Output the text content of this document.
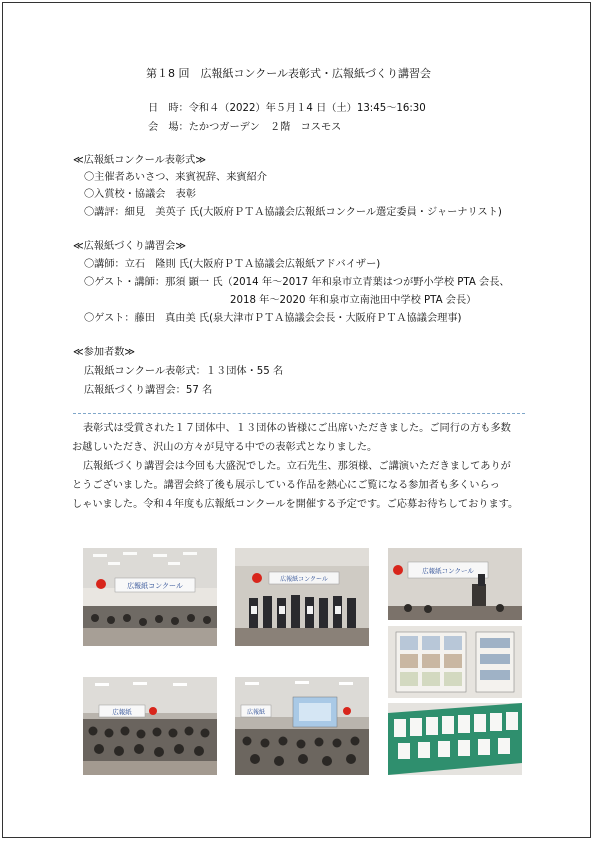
第１8 回　広報紙コンクール表彰式・広報紙づくり講習会
日　時：令和４（2022）年５月１4 日（土）13:45～16:30
会　場：たかつガーデン　２階　コスモス
≪広報紙コンクール表彰式≫
〇主催者あいさつ、来賓祝辞、来賓紹介
〇入賞校・協議会　表彰
〇講評：細見　美英子 氏(大阪府ＰＴＡ協議会広報紙コンクール選定委員・ジャーナリスト)
≪広報紙づくり講習会≫
〇講師：立石　隆則 氏(大阪府ＰＴＡ協議会広報紙アドバイザー)
〇ゲスト・講師：那須 顕一 氏（2014 年～2017 年和泉市立青葉はつが野小学校 PTA 会長、
2018 年～2020 年和泉市立南池田中学校 PTA 会長）
〇ゲスト：藤田　真由美 氏(泉大津市ＰＴＡ協議会会長・大阪府ＰＴＡ協議会理事)
≪参加者数≫
広報紙コンクール表彰式：１３団体・55 名
広報紙づくり講習会：57 名
表彰式は受賞された１７団体中、１３団体の皆様にご出席いただきました。ご同行の方も多数
お越しいただき、沢山の方々が見守る中での表彰式となりました。
広報紙づくり講習会は今回も大盛況でした。立石先生、那須様、ご講演いただきましてありが
とうございました。講習会終了後も展示している作品を熱心にご覧になる参加者も多くいらっ
しゃいました。令和４年度も広報紙コンクールを開催する予定です。ご応募お待ちしております。
広報紙コンクール
広報紙コンクール
広報紙コンクール
広報紙	広報紙
